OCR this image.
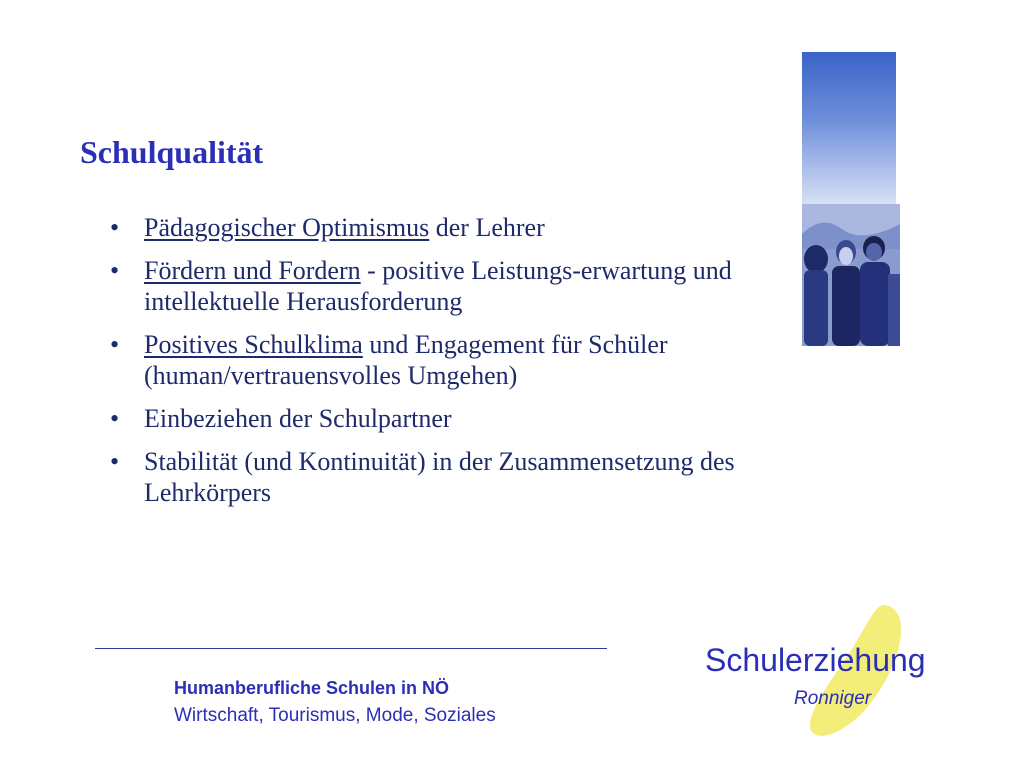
Schulqualität
• Pädagogischer Optimismus der Lehrer
• Fördern und Fordern - positive Leistungs-erwartung und intellektuelle Herausforderung
• Positives Schulklima und Engagement für Schüler (human/vertrauensvolles Umgehen)
• Einbeziehen der Schulpartner
• Stabilität (und Kontinuität) in der Zusammensetzung des Lehrkörpers
Humanberufliche Schulen in NÖ
Wirtschaft, Tourismus, Mode, Soziales
Schulerziehung
Ronniger
